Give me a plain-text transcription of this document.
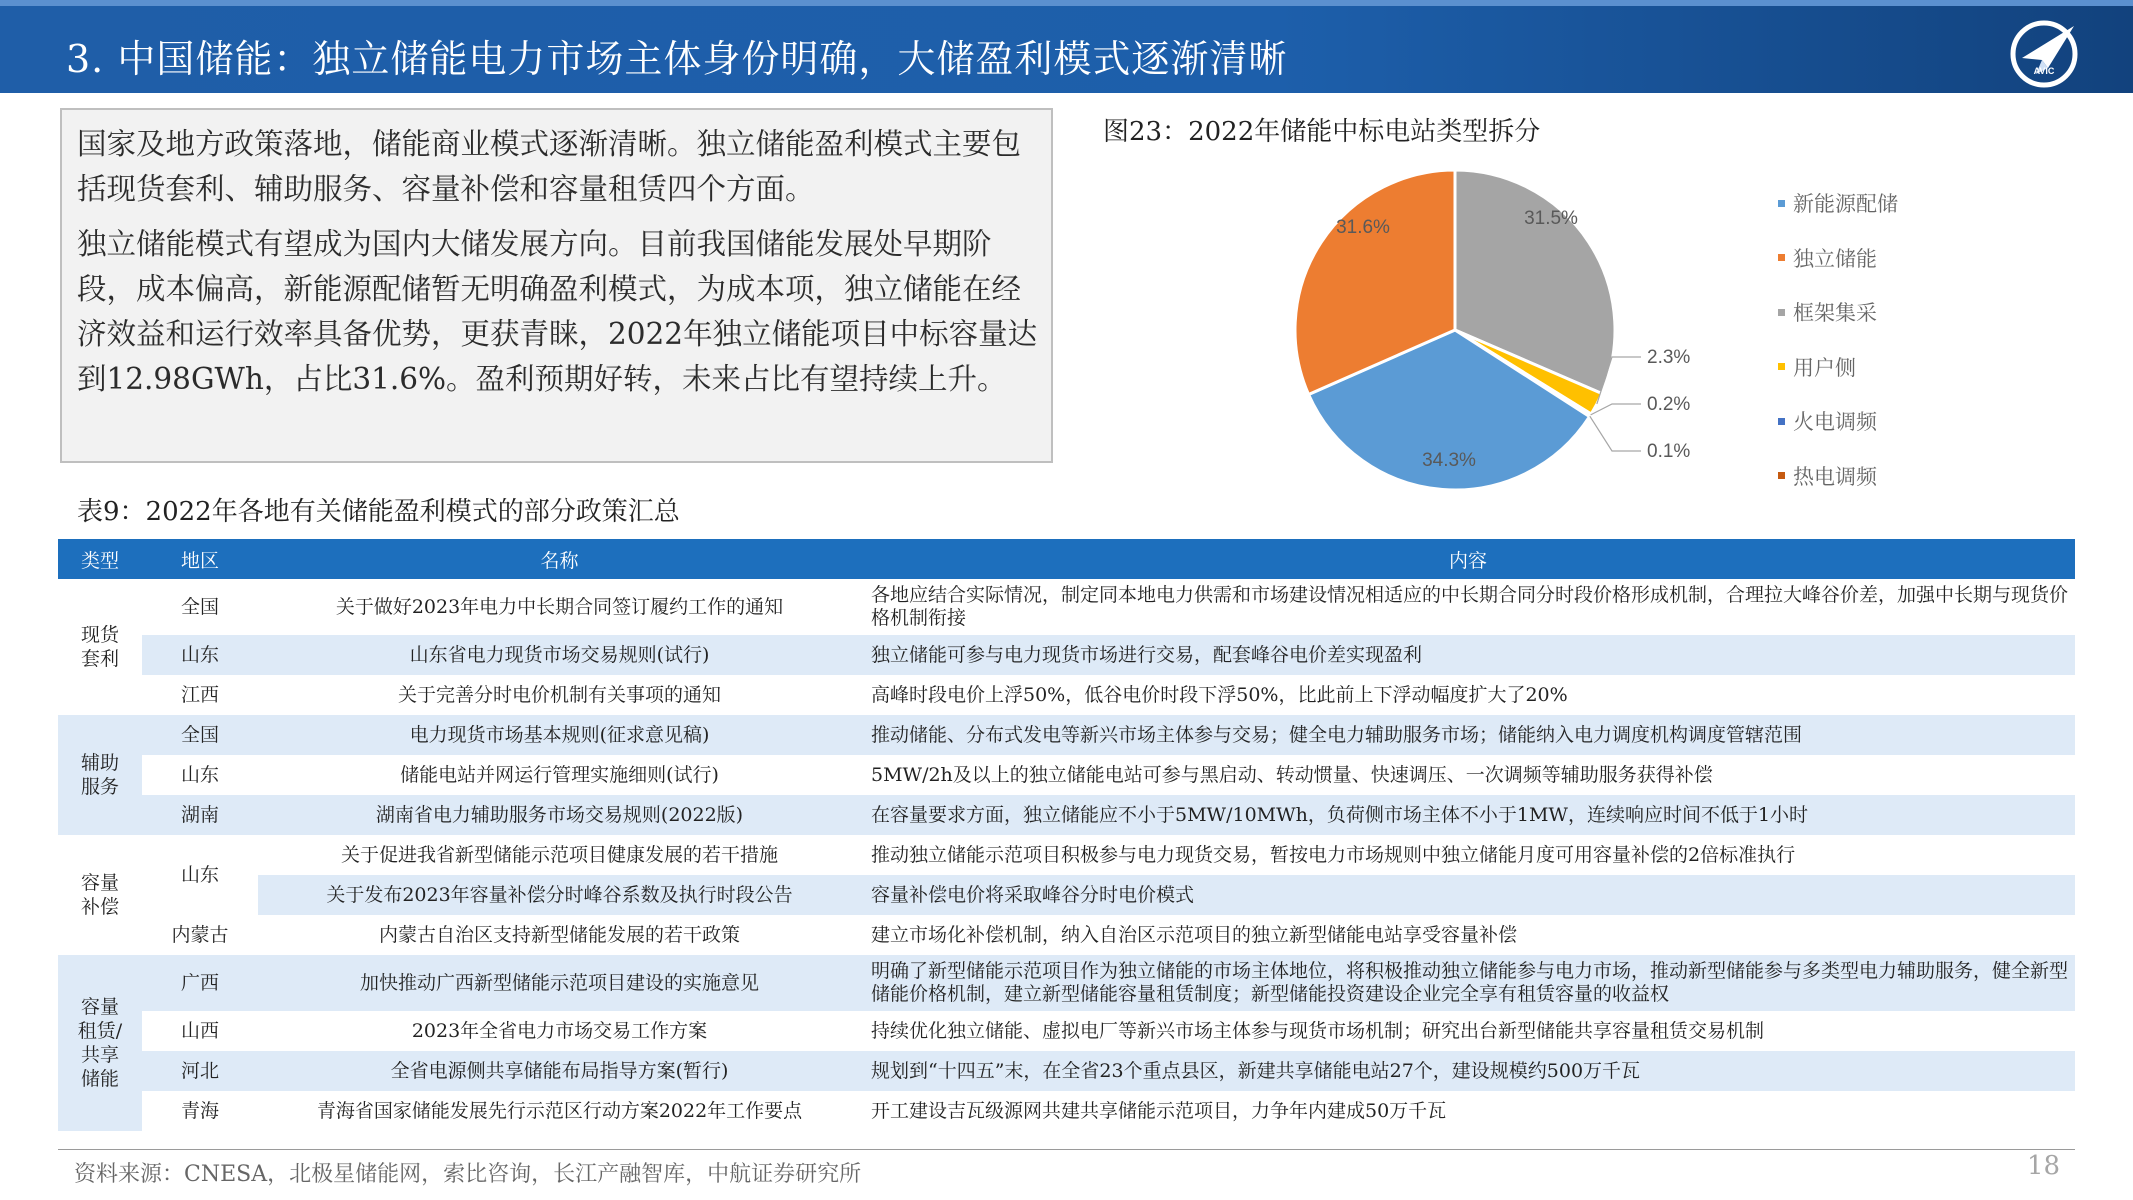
3. 中国储能：独立储能电力市场主体身份明确，大储盈利模式逐渐清晰	AVIC

国家及地方政策落地，储能商业模式逐渐清晰。独立储能盈利模式主要包括现货套利、辅助服务、容量补偿和容量租赁四个方面。

独立储能模式有望成为国内大储发展方向。目前我国储能发展处早期阶段，成本偏高，新能源配储暂无明确盈利模式，为成本项，独立储能在经济效益和运行效率具备优势，更获青睐，2022年独立储能项目中标容量达到12.98GWh，占比31.6%。盈利预期好转，未来占比有望持续上升。

图23：2022年储能中标电站类型拆分
31.5%
2.3%
0.2%
0.1%
34.3%
31.6%
新能源配储
独立储能
框架集采
用户侧
火电调频
热电调频
表9：2022年各地有关储能盈利模式的部分政策汇总
类型	地区	名称	内容
现货
套利	全国	关于做好2023年电力中长期合同签订履约工作的通知	各地应结合实际情况，制定同本地电力供需和市场建设情况相适应的中长期合同分时段价格形成机制，合理拉大峰谷价差，加强中长期与现货价格机制衔接
	山东	山东省电力现货市场交易规则(试行)	独立储能可参与电力现货市场进行交易，配套峰谷电价差实现盈利
	江西	关于完善分时电价机制有关事项的通知	高峰时段电价上浮50%，低谷电价时段下浮50%，比此前上下浮动幅度扩大了20%
辅助
服务	全国	电力现货市场基本规则(征求意见稿)	推动储能、分布式发电等新兴市场主体参与交易；健全电力辅助服务市场；储能纳入电力调度机构调度管辖范围
	山东	储能电站并网运行管理实施细则(试行)	5MW/2h及以上的独立储能电站可参与黑启动、转动惯量、快速调压、一次调频等辅助服务获得补偿
	湖南	湖南省电力辅助服务市场交易规则(2022版)	在容量要求方面，独立储能应不小于5MW/10MWh，负荷侧市场主体不小于1MW，连续响应时间不低于1小时
容量
补偿	山东	关于促进我省新型储能示范项目健康发展的若干措施	推动独立储能示范项目积极参与电力现货交易，暂按电力市场规则中独立储能月度可用容量补偿的2倍标准执行
		关于发布2023年容量补偿分时峰谷系数及执行时段公告	容量补偿电价将采取峰谷分时电价模式
	内蒙古	内蒙古自治区支持新型储能发展的若干政策	建立市场化补偿机制，纳入自治区示范项目的独立新型储能电站享受容量补偿
容量
租赁/
共享
储能	广西	加快推动广西新型储能示范项目建设的实施意见	明确了新型储能示范项目作为独立储能的市场主体地位，将积极推动独立储能参与电力市场，推动新型储能参与多类型电力辅助服务，健全新型储能价格机制，建立新型储能容量租赁制度；新型储能投资建设企业完全享有租赁容量的收益权
	山西	2023年全省电力市场交易工作方案	持续优化独立储能、虚拟电厂等新兴市场主体参与现货市场机制；研究出台新型储能共享容量租赁交易机制
	河北	全省电源侧共享储能布局指导方案(暂行)	规划到“十四五”末，在全省23个重点县区，新建共享储能电站27个，建设规模约500万千瓦
	青海	青海省国家储能发展先行示范区行动方案2022年工作要点	开工建设吉瓦级源网共建共享储能示范项目，力争年内建成50万千瓦
资料来源：CNESA，北极星储能网，索比咨询，长江产融智库，中航证券研究所	18
